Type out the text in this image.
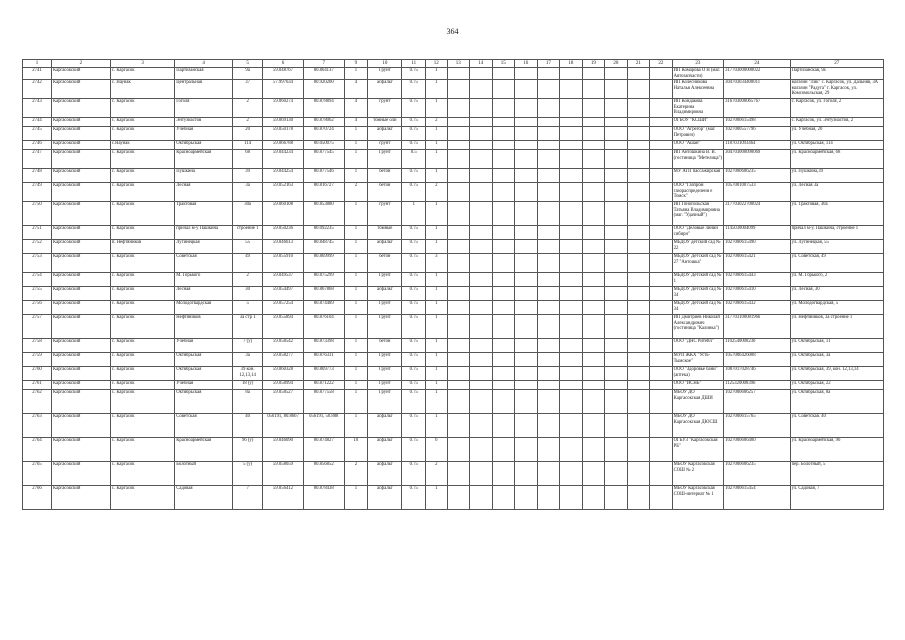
364
1	2	3	4	5	6	7	9	10	11	12	13	14	15	16	17	18	19	20	21	22	23	24	27
2741	Каргасокский	с. Каргасок	Партизанская	9а	59.048767	80.864137	1	Грунт	0.75	1											ИП Комарова О Н (маг. Автозапчасти)	317703000000022	Партизанская, 9а
2742	Каргасокский	с. Наунак	Центральная	37	57.997634	80.920200	4	асфальт	0.75	1											ИП Колесникова Наталья Алексеевна	304703034400011	магазин "Лик" с. Каргасок, ул. Дальняя, 3А магазин "Радуга" г. Каргасок, ул. Комсомольская, 29
2743	Каргасокский	с. Каргасок	Гоголя	2	59.060274	80.878894	4	грунт	0.75	1											ИП Кондакова Екатерина Владимировна	316703000065767	с. Каргасок, ул. Гоголя, 2
2744	Каргасокский	с. Каргасок	Энтузиастов	2	59.069130	80.878062	4	томные оли	0.75	2											ОГБОУ "КСШИ"	1027000615498	с. Каргасок, ул. Энтузиастов, 2
2745	Каргасокский	с. Каргасок	Учебная	20	59.050178	80.870724	1	асфальт	0.75	1											ООО "Агрегор" (маг. Петрович)	1027000557796	ул. Учебная, 20
2746	Каргасокский	с.Наунак	Октябрьская	114	59.066788	80.050075	1	грунт	0.75	1											ООО "Ашан"	1187031093464	ул. Октябрьская, 114
2747	Каргасокский	с. Каргасок	Красноармейская	68	59.044234	80.877545	1	Грунт	0.5	1											ИП Антошкина В. В. (гостиница "Метелица")	304703000090069	ул. Красноармейская, 68
2748	Каргасокский	с. Каргасок	Пушкина	39	59.044254	80.877546	1	бетон	0.75	1											МУ АТП пассажирская	1027000606235	ул. Пушкина,39
2749	Каргасокский	с. Каргасок	Лесная	3а	59.052163	80.816727	2	бетон	0.75	2											ООО "Газпром газораспределени е Томск"	1057001007533	ул. Лесная 3а
2750	Каргасокский	с. Каргасок	Трактовая	30а	59.060108	80.853880	1	грунт	1	1											ИП Гонопольская Татьяна Владимировна (маг. "Удачный")	317703022700024	ул. Трактовая, 30а
2751	Каргасокский	с. Каргасок	причал м-у Пашкина	строение 1	59.050236	80.092235	1	томные	0.75	1											ООО "Деловые линии сибири"	1145030004099	причал м-у. Пашкина, строение 1
2752	Каргасокский	п. Нефтяников	Лугинецкая	55	59.046613	80.848745	1	асфальт	0.75	1											МБДОУ детский сад № 22	1027000615490	ул. Лугинецкая, 55
2753	Каргасокский	с. Каргасок	Советская	49	59.055910	80.869999	1	бетон	0.75	3											МБДОУ Детский сад № 27 "Антошка"	1027000615421	ул. Советская, 49
2754	Каргасокский	с. Каргасок	М. Горького	2	59.049537	80.875299	1	Грунт	0.75	1											МБДОУ Детский сад № 1	1027000615443	ул. М. Горького, 2
2755	Каргасокский	с. Каргасок	Лесная	30	59.054497	80.867868	1	асфальт	0.75	1											МБДОУ Детский сад № 34	1027000615410	ул. Лесная, 30
2756	Каргасокский	с. Каргасок	Молодогвардская	5	59.057254	80.874489	1	Грунт	0.75	1											МБДОУ Детский сад № 34	1027000615432	ул. Молодогвардская, 5
2757	Каргасокский	с. Каргасок	Нефтяников	3а стр 1	59.055894	80.876104	1	Грунт	0.75	1											ИП Дмитриев Николай Александрович (гостиница "Калинка")	317703100081966	ул. Нефтяников, 3а строение 1
2758	Каргасокский	с. Каргасок	Учебная	7 (у)	59.058542	80.873398	1	бетон	0.75	1											ООО "ДНС Ритейл"	1102540008230	ул. Октябрьская, 11
2759	Каргасокский	с. Каргасок	Октябрьская	3а	59.058277	80.876331	1	Грунт	0.75	1											МУП ЖКХ "Усть-Тымское"	1057006426008	ул. Октябрьская, 3а
2760	Каргасокский	с. Каргасок	Октябрьская	39 кон. 12,13,14	59.060328	80.869773	1	Грунт	0.75	1											ООО "Здоровье бани" (аптека)	1087017028746	ул. Октябрьская, 39, кон. 12,13,14
2761	Каргасокский	с. Каргасок	Учебная	18 (у)	59.058994	80.871222	1	Грунт	0.75	1											ООО "ИСНЬ"	1125320008396	ул. Октябрьская, 22
2762	Каргасокский	с. Каргасок	Октябрьская	8а	59.058527	80.877558	1	Грунт	0.75	1											МБОУ ДО Каргасокская ДШИ	1027000606257	ул. Октябрьская, 8а
2763	Каргасокский	с. Каргасок	Советская	40	056191, 80.8667	056191, 50.888	1	асфальт	0.75	1											МБОУ ДО Каргасокская ДЮСШ	1027000615765	ул. Советская. 40
2764	Каргасокский	с. Каргасок	Красноармейская	96 (у)	59.046090	80.874827	10	асфальт	0.75	6											ОГБУЗ "Каргасокская РБ"	1027000606400	ул. Красноармейская, 96
2765	Каргасокский	с. Каргасок	Болотный	5 (у)	59.058059	80.856852	2	асфальт	0.75	2											МБОУ Каргасокская СОШ № 2	1027000606235	пер. Болотный, 5
2766	Каргасокский	с. Каргасок	Садовая	7	59.056412	80.878438	1	асфальт	0.75	1											МБОУ Каргасокская СОШ-интернат № 1	1027000615454	ул. Садовая, 7
